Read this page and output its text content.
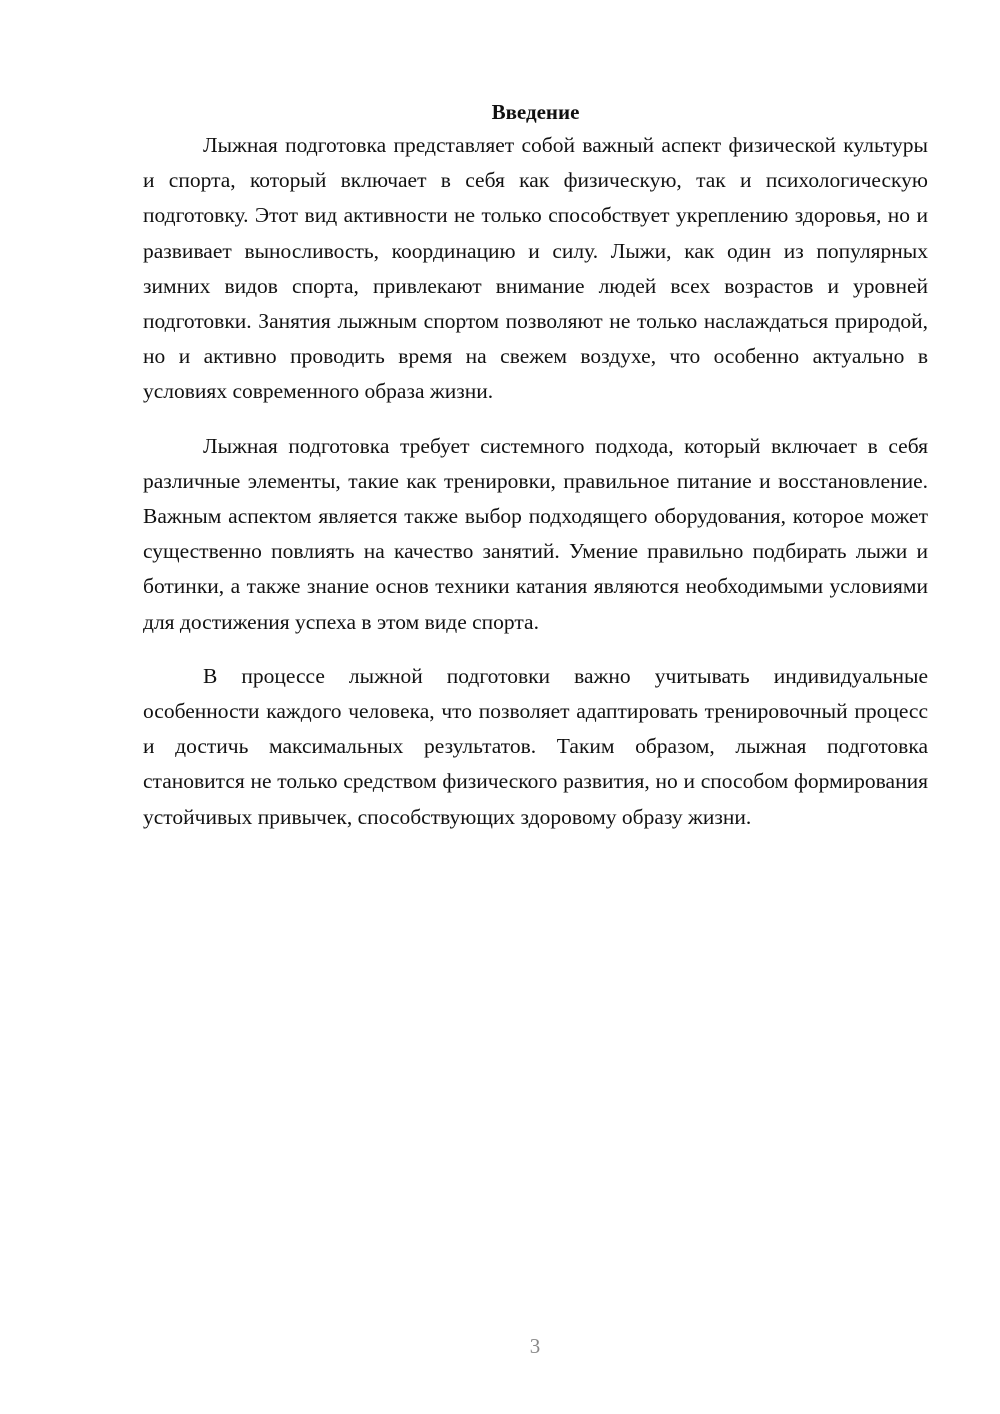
Введение

Лыжная подготовка представляет собой важный аспект физической культуры и спорта, который включает в себя как физическую, так и психологическую подготовку. Этот вид активности не только способствует укреплению здоровья, но и развивает выносливость, координацию и силу. Лыжи, как один из популярных зимних видов спорта, привлекают внимание людей всех возрастов и уровней подготовки. Занятия лыжным спортом позволяют не только наслаждаться природой, но и активно проводить время на свежем воздухе, что особенно актуально в условиях современного образа жизни.

Лыжная подготовка требует системного подхода, который включает в себя различные элементы, такие как тренировки, правильное питание и восстановление. Важным аспектом является также выбор подходящего оборудования, которое может существенно повлиять на качество занятий. Умение правильно подбирать лыжи и ботинки, а также знание основ техники катания являются необходимыми условиями для достижения успеха в этом виде спорта.

В процессе лыжной подготовки важно учитывать индивидуальные особенности каждого человека, что позволяет адаптировать тренировочный процесс и достичь максимальных результатов. Таким образом, лыжная подготовка становится не только средством физического развития, но и способом формирования устойчивых привычек, способствующих здоровому образу жизни.

3
